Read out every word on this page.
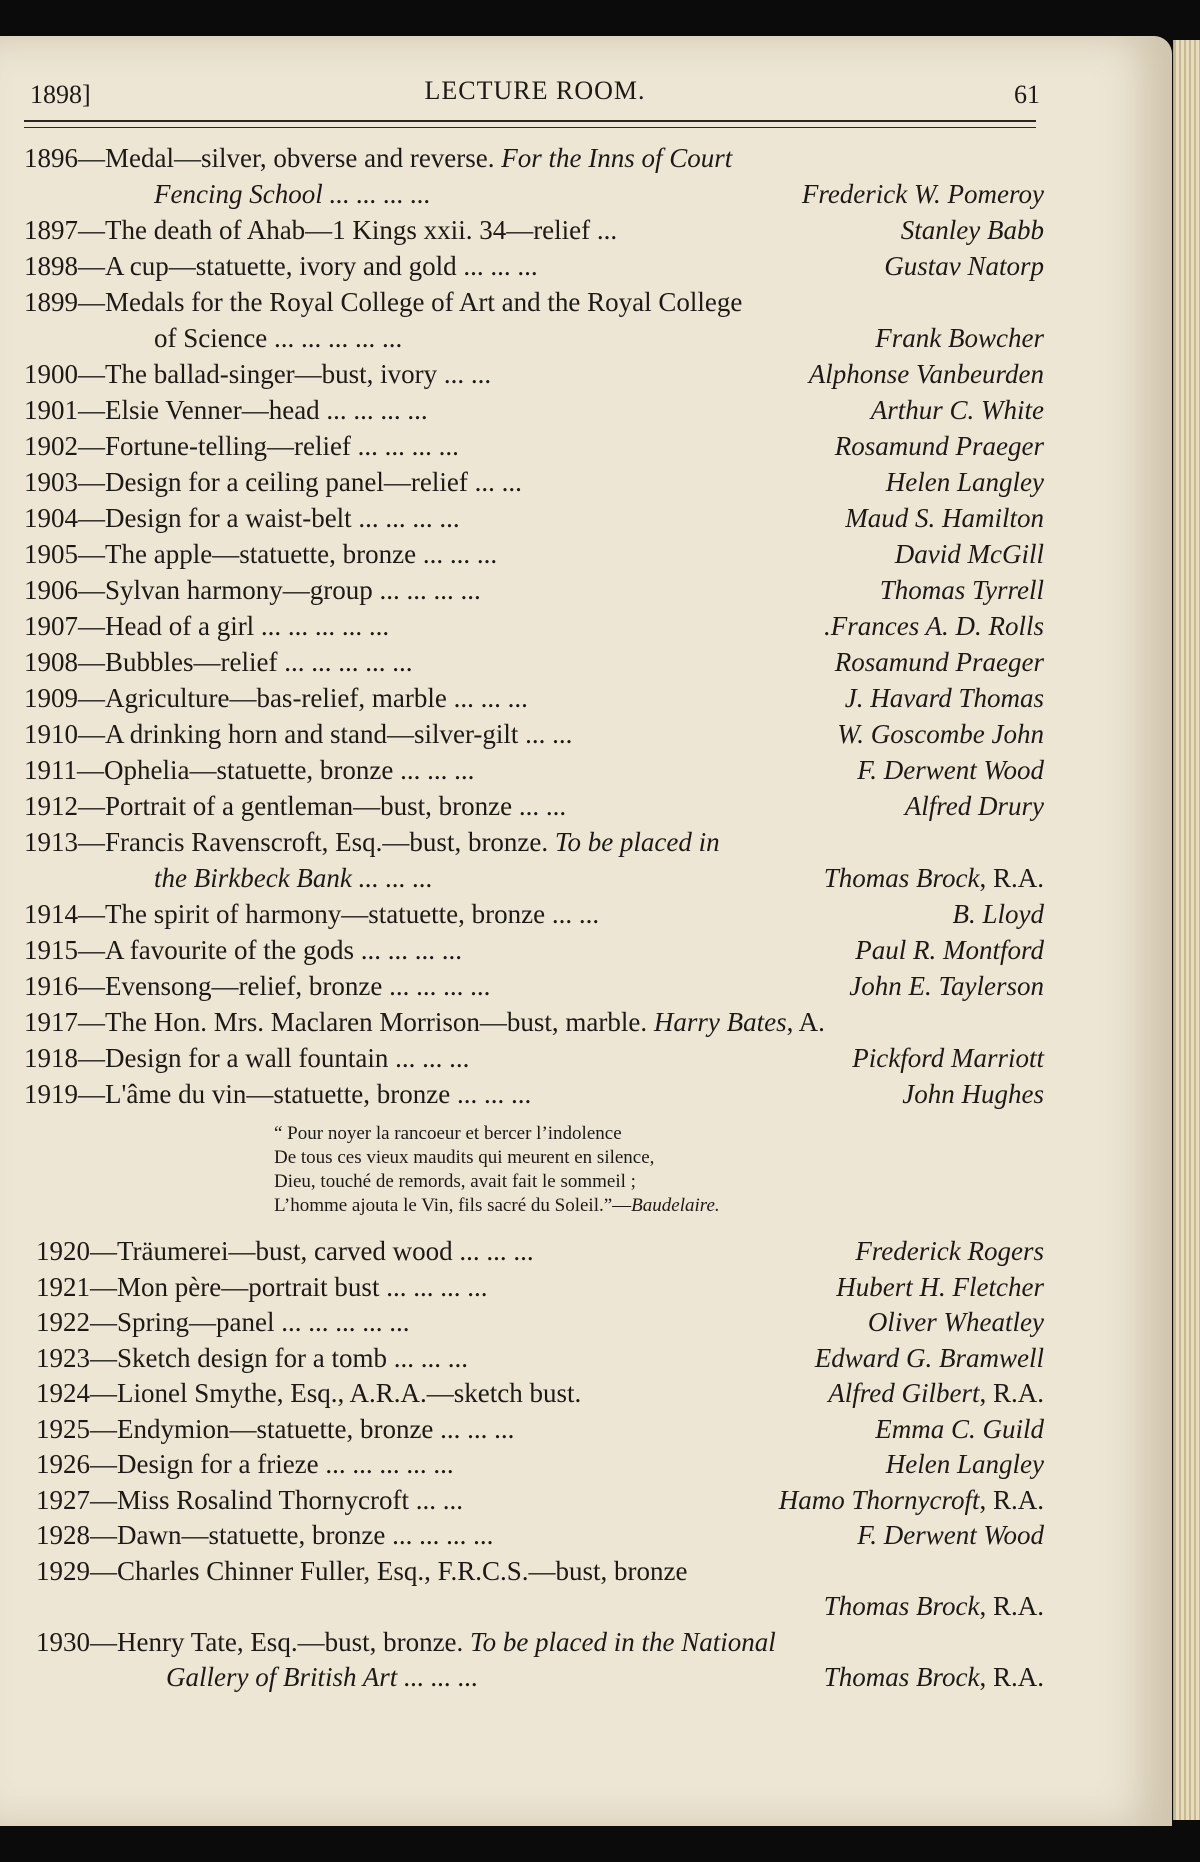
1898]	LECTURE ROOM.	61
1896—Medal—silver, obverse and reverse. For the Inns of Court
Fencing School ... ... ... ...	Frederick W. Pomeroy
1897—The death of Ahab—1 Kings xxii. 34—relief ...	Stanley Babb
1898—A cup—statuette, ivory and gold ... ... ...	Gustav Natorp
1899—Medals for the Royal College of Art and the Royal College
of Science ... ... ... ... ...	Frank Bowcher
1900—The ballad-singer—bust, ivory ... ...	Alphonse Vanbeurden
1901—Elsie Venner—head ... ... ... ...	Arthur C. White
1902—Fortune-telling—relief ... ... ... ...	Rosamund Praeger
1903—Design for a ceiling panel—relief ... ...	Helen Langley
1904—Design for a waist-belt ... ... ... ...	Maud S. Hamilton
1905—The apple—statuette, bronze ... ... ...	David McGill
1906—Sylvan harmony—group ... ... ... ...	Thomas Tyrrell
1907—Head of a girl ... ... ... ... ...	.Frances A. D. Rolls
1908—Bubbles—relief ... ... ... ... ...	Rosamund Praeger
1909—Agriculture—bas-relief, marble ... ... ...	J. Havard Thomas
1910—A drinking horn and stand—silver-gilt ... ...	W. Goscombe John
1911—Ophelia—statuette, bronze ... ... ...	F. Derwent Wood
1912—Portrait of a gentleman—bust, bronze ... ...	Alfred Drury
1913—Francis Ravenscroft, Esq.—bust, bronze. To be placed in
the Birkbeck Bank ... ... ...	Thomas Brock, R.A.
1914—The spirit of harmony—statuette, bronze ... ...	B. Lloyd
1915—A favourite of the gods ... ... ... ...	Paul R. Montford
1916—Evensong—relief, bronze ... ... ... ...	John E. Taylerson
1917—The Hon. Mrs. Maclaren Morrison—bust, marble. Harry Bates, A.
1918—Design for a wall fountain ... ... ...	Pickford Marriott
1919—L'âme du vin—statuette, bronze ... ... ...	John Hughes
“ Pour noyer la rancoeur et bercer l’indolence
De tous ces vieux maudits qui meurent en silence,
Dieu, touché de remords, avait fait le sommeil ;
L’homme ajouta le Vin, fils sacré du Soleil.”—Baudelaire.
1920—Träumerei—bust, carved wood ... ... ...	Frederick Rogers
1921—Mon père—portrait bust ... ... ... ...	Hubert H. Fletcher
1922—Spring—panel ... ... ... ... ...	Oliver Wheatley
1923—Sketch design for a tomb ... ... ...	Edward G. Bramwell
1924—Lionel Smythe, Esq., A.R.A.—sketch bust.	Alfred Gilbert, R.A.
1925—Endymion—statuette, bronze ... ... ...	Emma C. Guild
1926—Design for a frieze ... ... ... ... ...	Helen Langley
1927—Miss Rosalind Thornycroft ... ...	Hamo Thornycroft, R.A.
1928—Dawn—statuette, bronze ... ... ... ...	F. Derwent Wood
1929—Charles Chinner Fuller, Esq., F.R.C.S.—bust, bronze
Thomas Brock, R.A.
1930—Henry Tate, Esq.—bust, bronze. To be placed in the National
Gallery of British Art ... ... ...	Thomas Brock, R.A.
